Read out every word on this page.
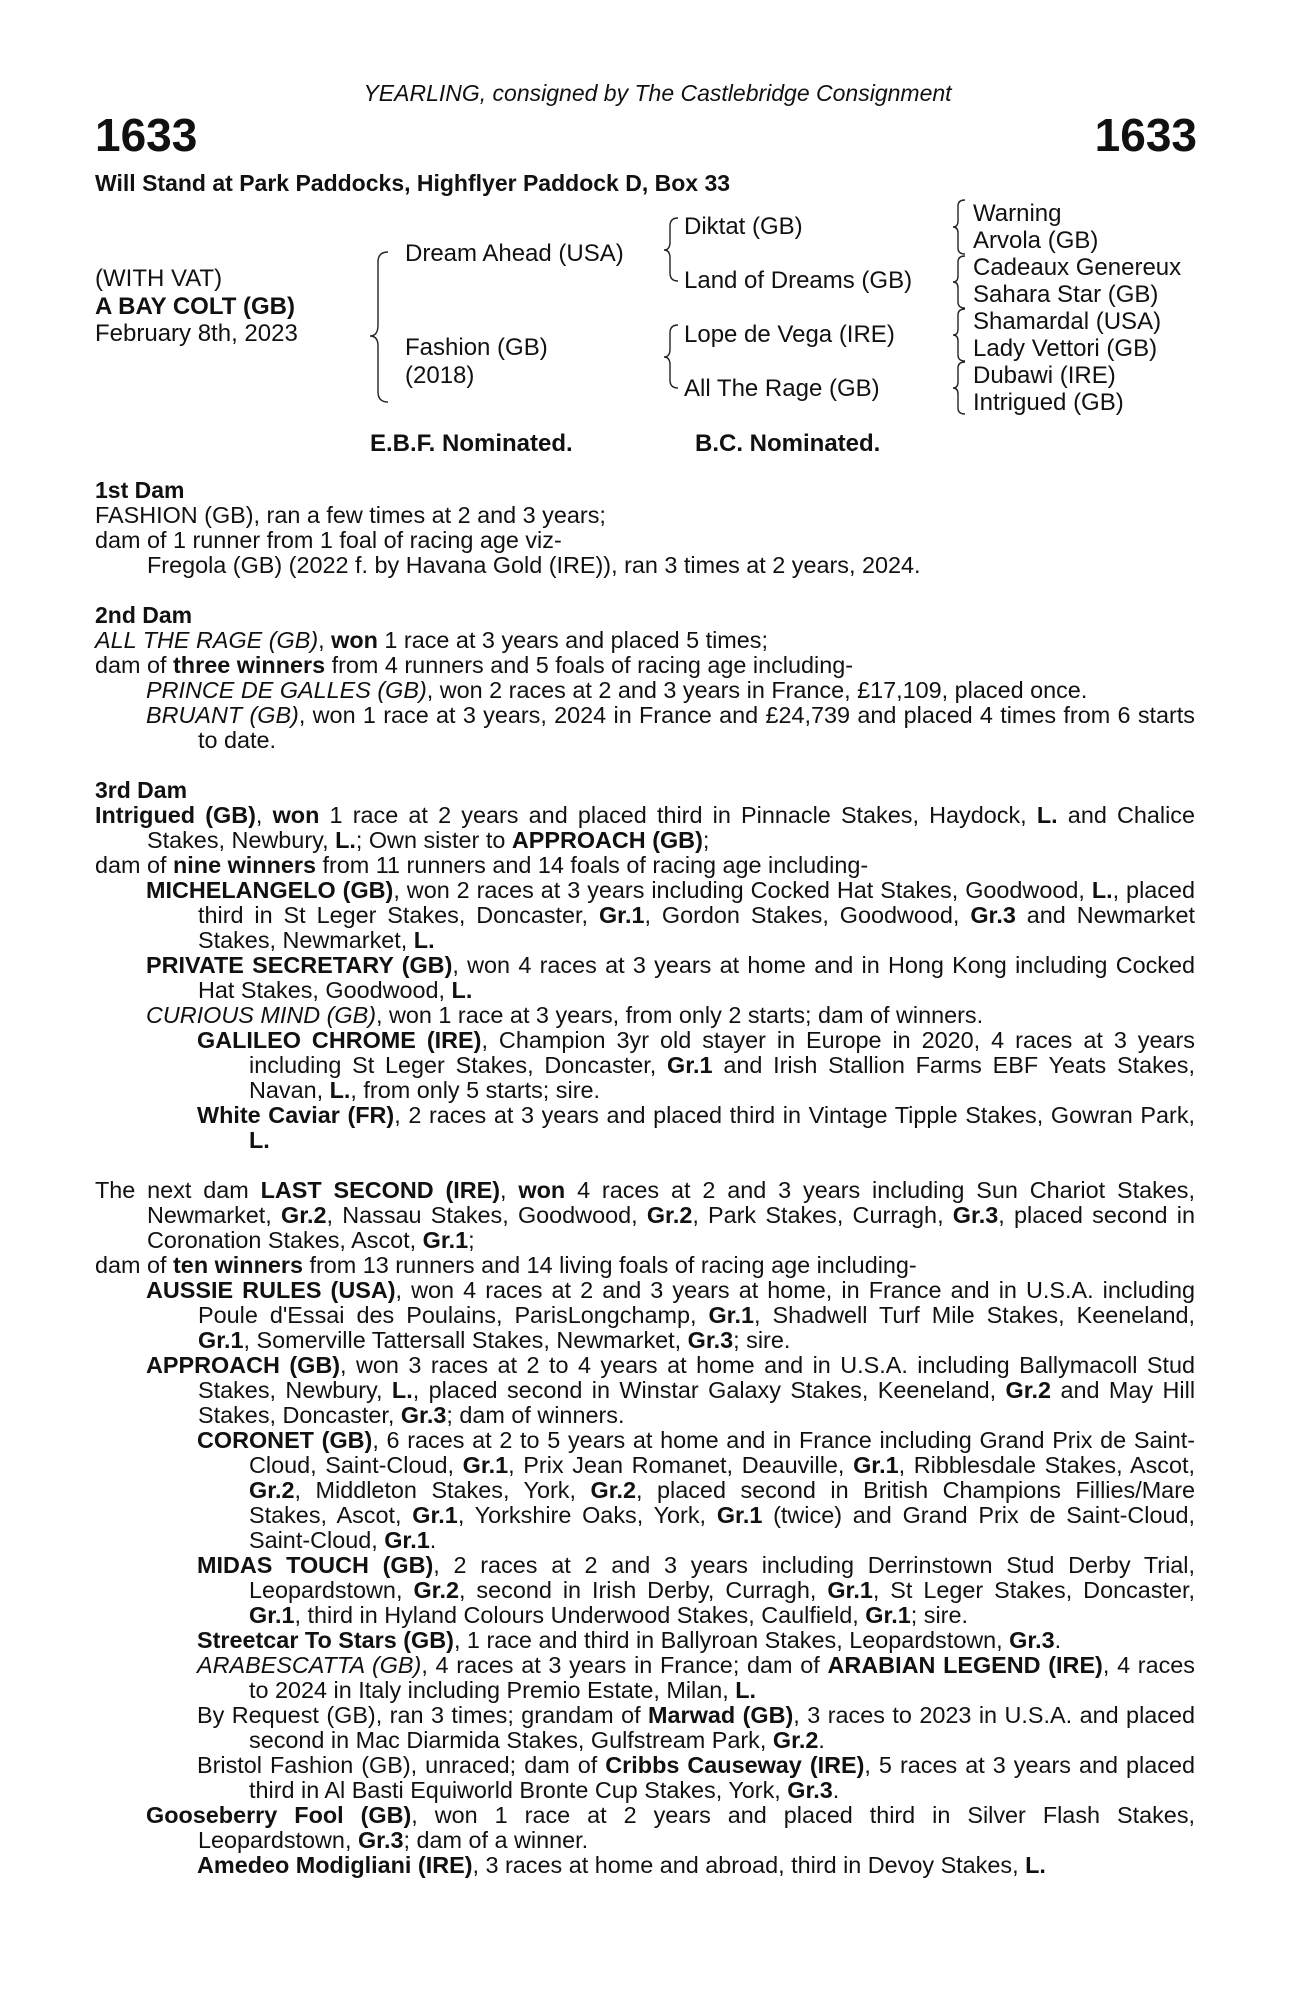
YEARLING, consigned by The Castlebridge Consignment
1633	1633
Will Stand at Park Paddocks, Highflyer Paddock D, Box 33
(WITH VAT)
A BAY COLT (GB)
February 8th, 2023
Dream Ahead (USA)
Fashion (GB)
(2018)
Diktat (GB)
Land of Dreams (GB)
Lope de Vega (IRE)
All The Rage (GB)
Warning
Arvola (GB)
Cadeaux Genereux
Sahara Star (GB)
Shamardal (USA)
Lady Vettori (GB)
Dubawi (IRE)
Intrigued (GB)
E.B.F. Nominated.	B.C. Nominated.
1st Dam
FASHION (GB), ran a few times at 2 and 3 years;
dam of 1 runner from 1 foal of racing age viz-
Fregola (GB) (2022 f. by Havana Gold (IRE)), ran 3 times at 2 years, 2024.
2nd Dam
ALL THE RAGE (GB), won 1 race at 3 years and placed 5 times;
dam of three winners from 4 runners and 5 foals of racing age including-
PRINCE DE GALLES (GB), won 2 races at 2 and 3 years in France, £17,109, placed once.
BRUANT (GB), won 1 race at 3 years, 2024 in France and £24,739 and placed 4 times from 6 starts to date.
3rd Dam
Intrigued (GB), won 1 race at 2 years and placed third in Pinnacle Stakes, Haydock, L. and Chalice Stakes, Newbury, L.; Own sister to APPROACH (GB);
dam of nine winners from 11 runners and 14 foals of racing age including-
MICHELANGELO (GB), won 2 races at 3 years including Cocked Hat Stakes, Goodwood, L., placed third in St Leger Stakes, Doncaster, Gr.1, Gordon Stakes, Goodwood, Gr.3 and Newmarket Stakes, Newmarket, L.
PRIVATE SECRETARY (GB), won 4 races at 3 years at home and in Hong Kong including Cocked Hat Stakes, Goodwood, L.
CURIOUS MIND (GB), won 1 race at 3 years, from only 2 starts; dam of winners.
GALILEO CHROME (IRE), Champion 3yr old stayer in Europe in 2020, 4 races at 3 years including St Leger Stakes, Doncaster, Gr.1 and Irish Stallion Farms EBF Yeats Stakes, Navan, L., from only 5 starts; sire.
White Caviar (FR), 2 races at 3 years and placed third in Vintage Tipple Stakes, Gowran Park, L.
The next dam LAST SECOND (IRE), won 4 races at 2 and 3 years including Sun Chariot Stakes, Newmarket, Gr.2, Nassau Stakes, Goodwood, Gr.2, Park Stakes, Curragh, Gr.3, placed second in Coronation Stakes, Ascot, Gr.1;
dam of ten winners from 13 runners and 14 living foals of racing age including-
AUSSIE RULES (USA), won 4 races at 2 and 3 years at home, in France and in U.S.A. including Poule d'Essai des Poulains, ParisLongchamp, Gr.1, Shadwell Turf Mile Stakes, Keeneland, Gr.1, Somerville Tattersall Stakes, Newmarket, Gr.3; sire.
APPROACH (GB), won 3 races at 2 to 4 years at home and in U.S.A. including Ballymacoll Stud Stakes, Newbury, L., placed second in Winstar Galaxy Stakes, Keeneland, Gr.2 and May Hill Stakes, Doncaster, Gr.3; dam of winners.
CORONET (GB), 6 races at 2 to 5 years at home and in France including Grand Prix de Saint-Cloud, Saint-Cloud, Gr.1, Prix Jean Romanet, Deauville, Gr.1, Ribblesdale Stakes, Ascot, Gr.2, Middleton Stakes, York, Gr.2, placed second in British Champions Fillies/Mare Stakes, Ascot, Gr.1, Yorkshire Oaks, York, Gr.1 (twice) and Grand Prix de Saint-Cloud, Saint-Cloud, Gr.1.
MIDAS TOUCH (GB), 2 races at 2 and 3 years including Derrinstown Stud Derby Trial, Leopardstown, Gr.2, second in Irish Derby, Curragh, Gr.1, St Leger Stakes, Doncaster, Gr.1, third in Hyland Colours Underwood Stakes, Caulfield, Gr.1; sire.
Streetcar To Stars (GB), 1 race and third in Ballyroan Stakes, Leopardstown, Gr.3.
ARABESCATTA (GB), 4 races at 3 years in France; dam of ARABIAN LEGEND (IRE), 4 races to 2024 in Italy including Premio Estate, Milan, L.
By Request (GB), ran 3 times; grandam of Marwad (GB), 3 races to 2023 in U.S.A. and placed second in Mac Diarmida Stakes, Gulfstream Park, Gr.2.
Bristol Fashion (GB), unraced; dam of Cribbs Causeway (IRE), 5 races at 3 years and placed third in Al Basti Equiworld Bronte Cup Stakes, York, Gr.3.
Gooseberry Fool (GB), won 1 race at 2 years and placed third in Silver Flash Stakes, Leopardstown, Gr.3; dam of a winner.
Amedeo Modigliani (IRE), 3 races at home and abroad, third in Devoy Stakes, L.
